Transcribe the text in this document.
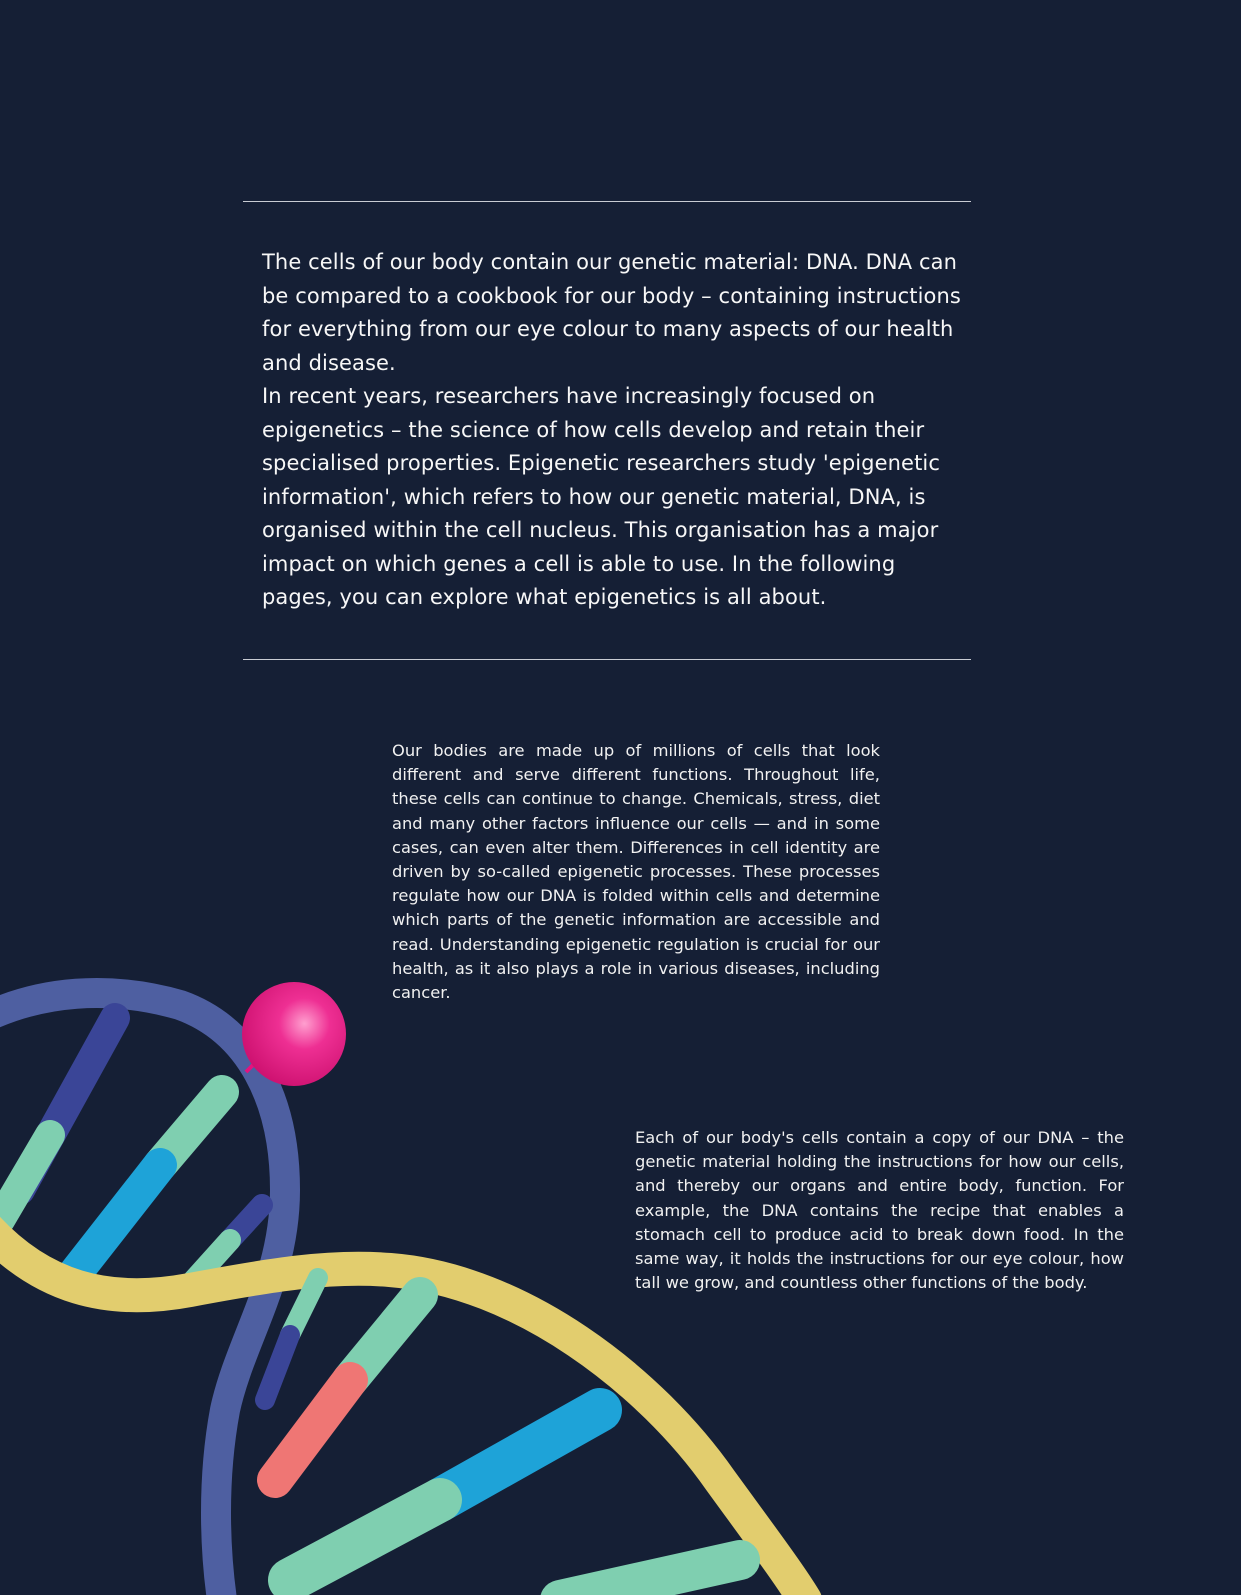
The cells of our body contain our genetic material: DNA. DNA can be compared to a cookbook for our body – containing instructions for everything from our eye colour to many aspects of our health and disease.

In recent years, researchers have increasingly focused on epigenetics – the science of how cells develop and retain their specialised properties. Epigenetic researchers study 'epigenetic information', which refers to how our genetic material, DNA, is organised within the cell nucleus. This organisation has a major impact on which genes a cell is able to use. In the following pages, you can explore what epigenetics is all about.

Our bodies are made up of millions of cells that look different and serve different functions. Throughout life, these cells can continue to change. Chemicals, stress, diet and many other factors influence our cells — and in some cases, can even alter them. Differences in cell identity are driven by so-called epigenetic processes. These processes regulate how our DNA is folded within cells and determine which parts of the genetic information are accessible and read. Understanding epigenetic regulation is crucial for our health, as it also plays a role in various diseases, including cancer.

Each of our body's cells contain a copy of our DNA – the genetic material holding the instructions for how our cells, and thereby our organs and entire body, function. For example, the DNA contains the recipe that enables a stomach cell to produce acid to break down food. In the same way, it holds the instructions for our eye colour, how tall we grow, and countless other functions of the body.
